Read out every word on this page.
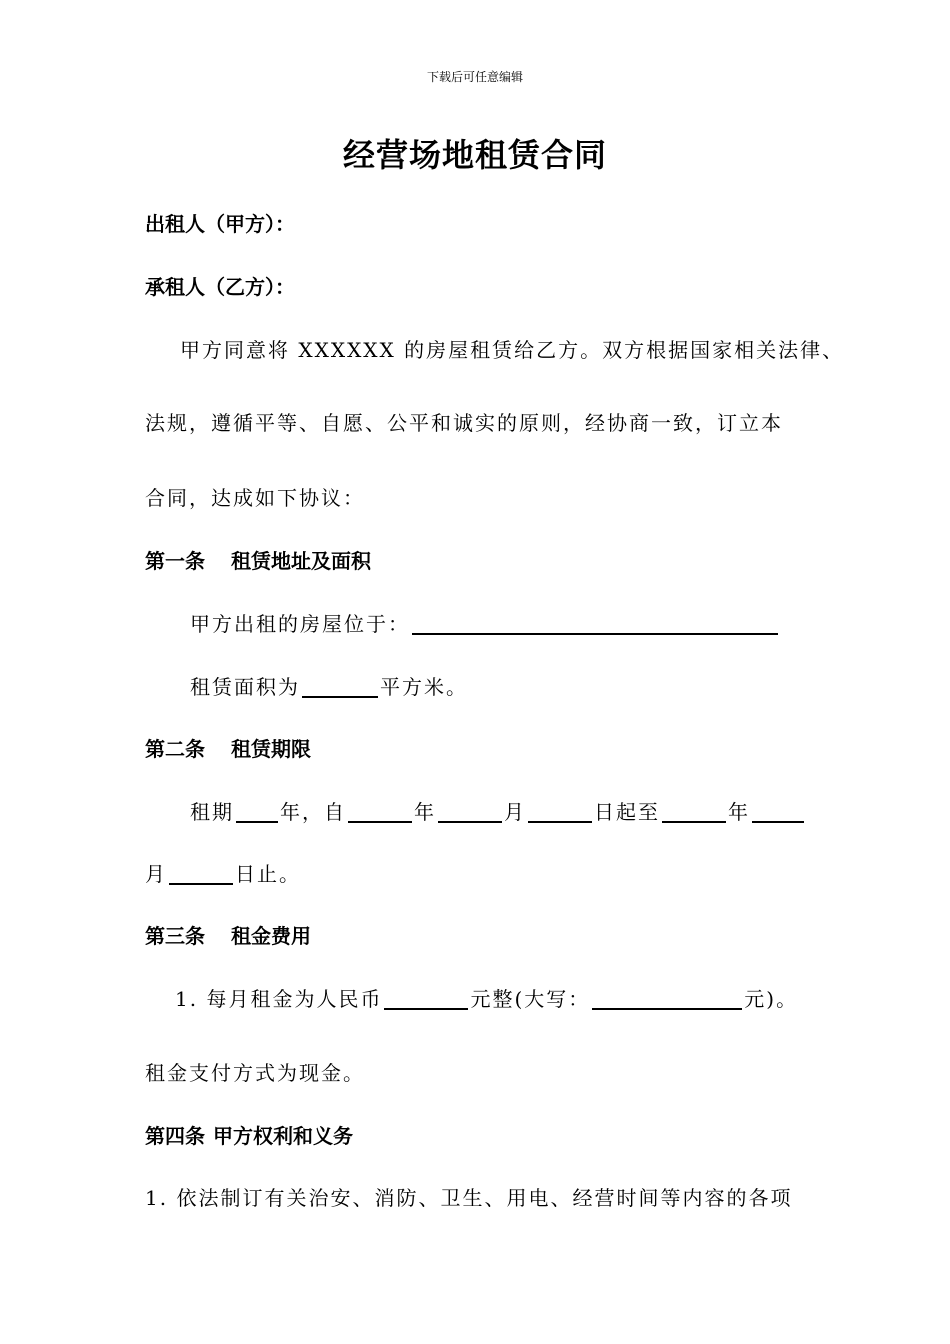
下载后可任意编辑
经营场地租赁合同
出租人（甲方）：
承租人（乙方）：
甲方同意将 XXXXXX 的房屋租赁给乙方。双方根据国家相关法律、
法规，遵循平等、自愿、公平和诚实的原则，经协商一致，订立本
合同，达成如下协议：
第一条 租赁地址及面积
甲方出租的房屋位于：
租赁面积为	平方米。
第二条 租赁期限
租期 年，自	年	月	日起至	年
月	日止。
第三条 租金费用
1. 每月租金为人民币	元整(大写：	元)。
租金支付方式为现金。
第四条 甲方权利和义务
1. 依法制订有关治安、消防、卫生、用电、经营时间等内容的各项
